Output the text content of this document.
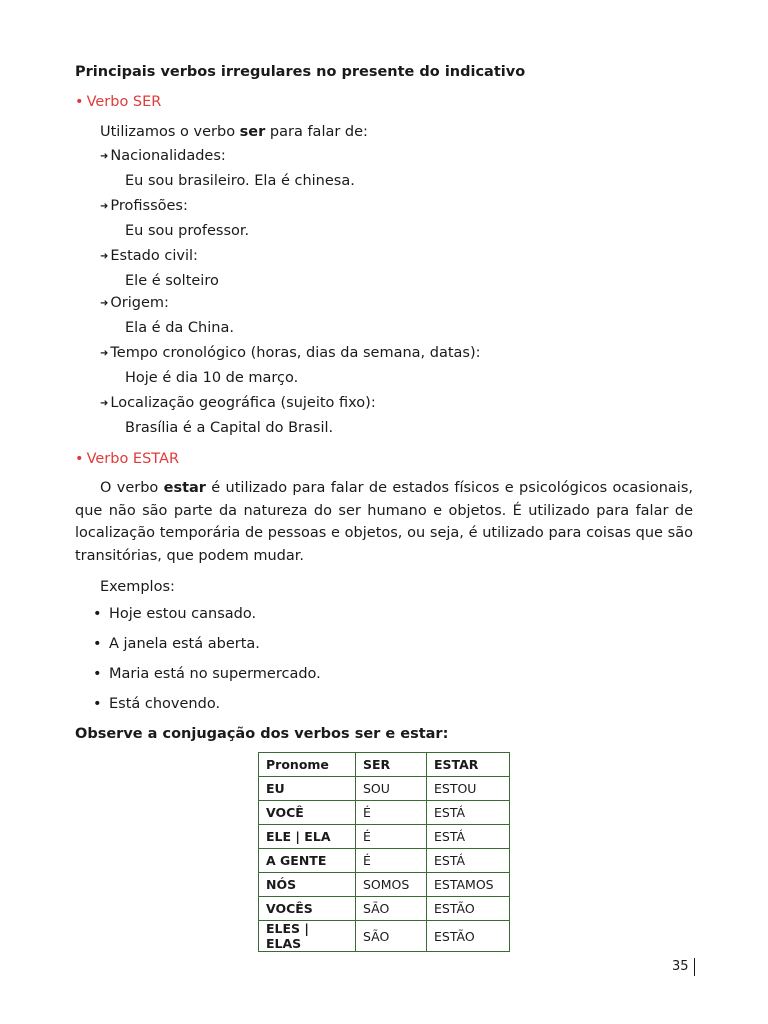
Principais verbos irregulares no presente do indicativo
• Verbo SER
Utilizamos o verbo ser para falar de:
➜ Nacionalidades:
Eu sou brasileiro. Ela é chinesa.
➜ Profissões:
Eu sou professor.
➜ Estado civil:
Ele é solteiro
➜ Origem:
Ela é da China.
➜ Tempo cronológico (horas, dias da semana, datas):
Hoje é dia 10 de março.
➜ Localização geográfica (sujeito fixo):
Brasília é a Capital do Brasil.
• Verbo ESTAR
O verbo estar é utilizado para falar de estados físicos e psicológicos ocasionais, que não são parte da natureza do ser humano e objetos. É utilizado para falar de localização temporária de pessoas e objetos, ou seja, é utilizado para coisas que são transitórias, que podem mudar.
Exemplos:
• Hoje estou cansado.
• A janela está aberta.
• Maria está no supermercado.
• Está chovendo.
Observe a conjugação dos verbos ser e estar:
Pronome	SER	ESTAR
EU	SOU	ESTOU
VOCÊ	É	ESTÁ
ELE | ELA	É	ESTÁ
A GENTE	É	ESTÁ
NÓS	SOMOS	ESTAMOS
VOCÊS	SÃO	ESTÃO
ELES | ELAS	SÃO	ESTÃO
35
